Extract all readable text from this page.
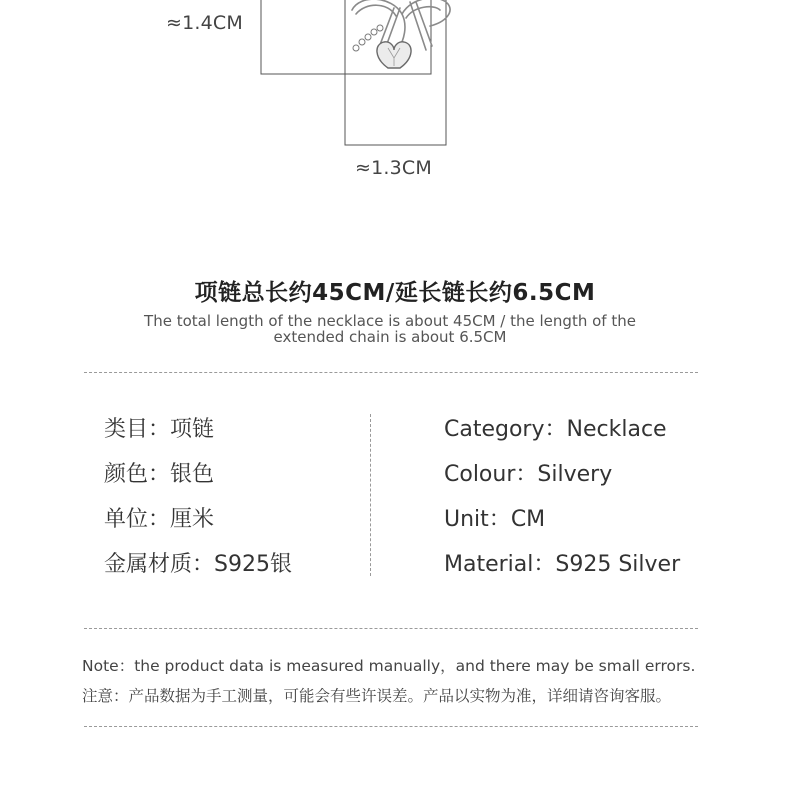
≈1.4CM
≈1.3CM
项链总长约45CM/延长链长约6.5CM
The total length of the necklace is about 45CM / the length of the extended chain is about 6.5CM
类目：项链
颜色：银色
单位：厘米
金属材质：S925银
Category：Necklace
Colour：Silvery
Unit：CM
Material：S925 Silver
Note：the product data is measured manually，and there may be small errors.
注意：产品数据为手工测量，可能会有些许误差。产品以实物为准，详细请咨询客服。
